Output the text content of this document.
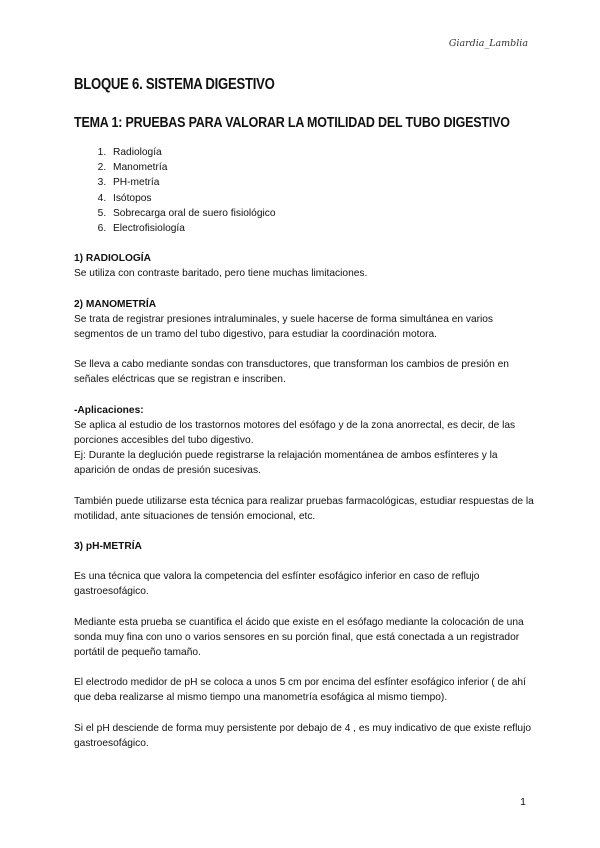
Giardia_Lamblia
BLOQUE 6. SISTEMA DIGESTIVO
TEMA 1: PRUEBAS PARA VALORAR LA MOTILIDAD DEL TUBO DIGESTIVO
1. Radiología
2. Manometría
3. PH-metría
4. Isótopos
5. Sobrecarga oral de suero fisiológico
6. Electrofisiología

1) RADIOLOGÍA

Se utiliza con contraste baritado, pero tiene muchas limitaciones.

2) MANOMETRÍA

Se trata de registrar presiones intraluminales, y suele hacerse de forma simultánea en varios segmentos de un tramo del tubo digestivo, para estudiar la coordinación motora.

Se lleva a cabo mediante sondas con transductores, que transforman los cambios de presión en señales eléctricas que se registran e inscriben.

-Aplicaciones:

Se aplica al estudio de los trastornos motores del esófago y de la zona anorrectal, es decir, de las porciones accesibles del tubo digestivo.

Ej: Durante la deglución puede registrarse la relajación momentánea de ambos esfínteres y la aparición de ondas de presión sucesivas.

También puede utilizarse esta técnica para realizar pruebas farmacológicas, estudiar respuestas de la motilidad, ante situaciones de tensión emocional, etc.

3) pH-METRÍA

Es una técnica que valora la competencia del esfínter esofágico inferior en caso de reflujo gastroesofágico.

Mediante esta prueba se cuantifica el ácido que existe en el esófago mediante la colocación de una sonda muy fina con uno o varios sensores en su porción final, que está conectada a un registrador portátil de pequeño tamaño.

El electrodo medidor de pH se coloca a unos 5 cm por encima del esfínter esofágico inferior ( de ahí que deba realizarse al mismo tiempo una manometría esofágica al mismo tiempo).

Si el pH desciende de forma muy persistente por debajo de 4 , es muy indicativo de que existe reflujo gastroesofágico.

1
